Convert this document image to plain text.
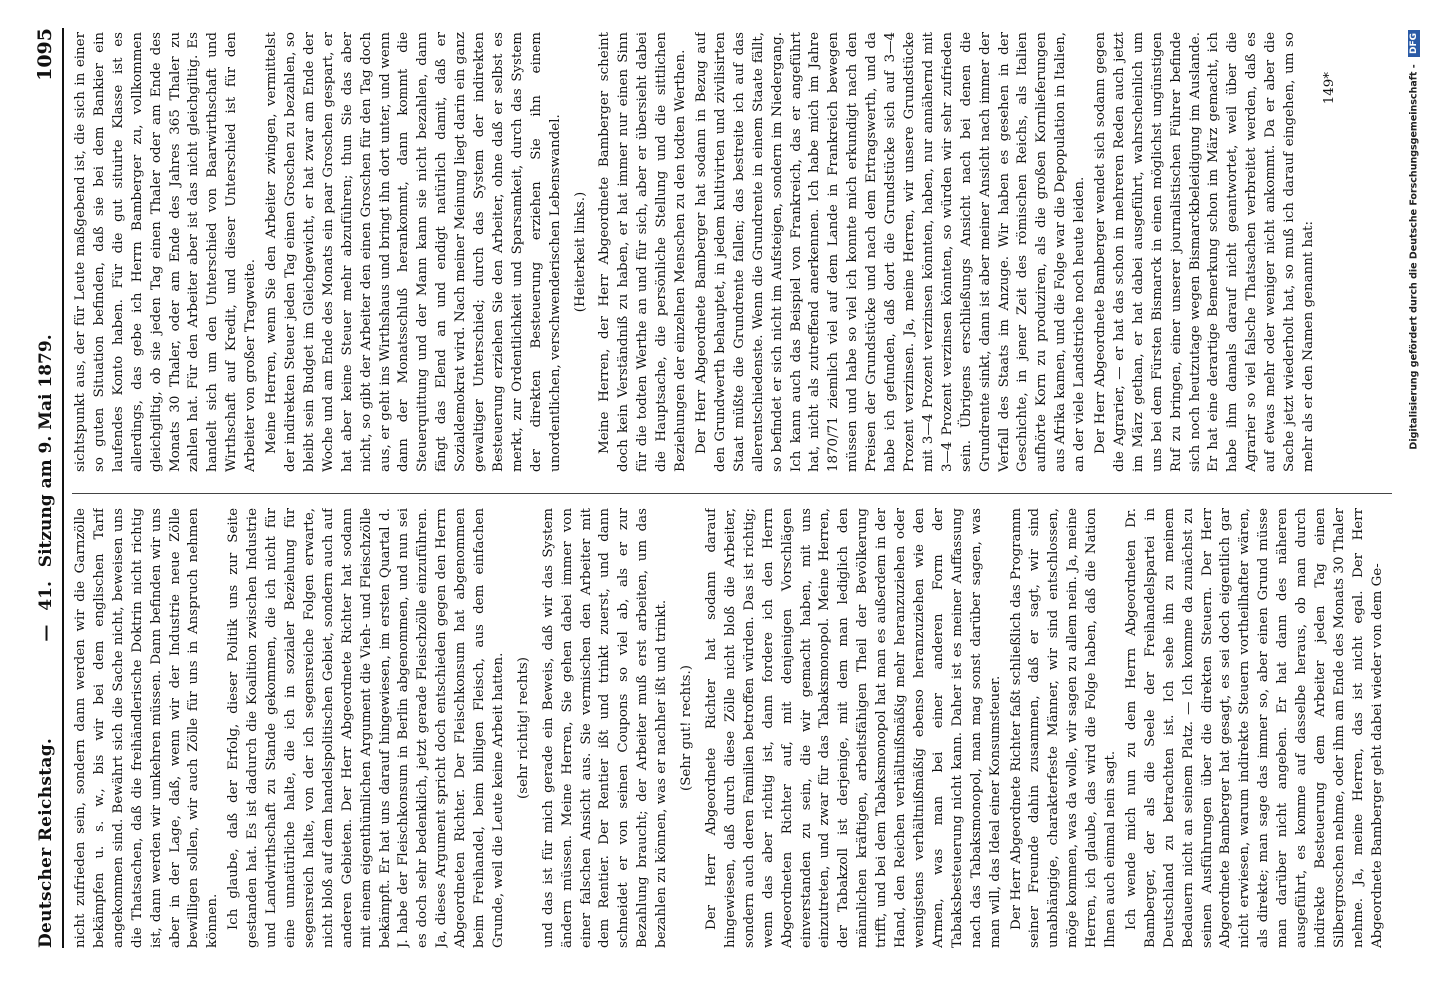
Deutscher Reichstag.
— 41. Sitzung am 9. Mai 1879.
1095

nicht zufrieden sein, sondern dann werden wir die Garnzölle bekämpfen u. s. w., bis wir bei dem englischen Tarif angekommen sind. Bewährt sich die Sache nicht, beweisen uns die Thatsachen, daß die freihändlerische Doktrin nicht richtig ist, dann werden wir umkehren müssen. Dann befinden wir uns aber in der Lage, daß, wenn wir der Industrie neue Zölle bewilligen sollen, wir auch Zölle für uns in Anspruch nehmen können. Ich glaube, daß der Erfolg, dieser Politik uns zur Seite gestanden hat. Es ist dadurch die Koalition zwischen Industrie und Landwirthschaft zu Stande gekommen, die ich nicht für eine unnatürliche halte, die ich in sozialer Beziehung für segensreich halte, von der ich segensreiche Folgen erwarte, nicht bloß auf dem handelspolitischen Gebiet, sondern auch auf anderen Gebieten. Der Herr Abgeordnete Richter hat sodann mit einem eigenthümlichen Argument die Vieh- und Fleischzölle bekämpft. Er hat uns darauf hingewiesen, im ersten Quartal d. J. habe der Fleischkonsum in Berlin abgenommen, und nun sei es doch sehr bedenklich, jetzt gerade Fleischzölle einzuführen. Ja, dieses Argument spricht doch entschieden gegen den Herrn Abgeordneten Richter. Der Fleischkonsum hat abgenommen beim Freihandel, beim billigen Fleisch, aus dem einfachen Grunde, weil die Leute keine Arbeit hatten. (sehr richtig! rechts) und das ist für mich gerade ein Beweis, daß wir das System ändern müssen. Meine Herren, Sie gehen dabei immer von einer falschen Ansicht aus. Sie vermischen den Arbeiter mit dem Rentier. Der Rentier ißt und trinkt zuerst, und dann schneidet er von seinen Coupons so viel ab, als er zur Bezahlung braucht; der Arbeiter muß erst arbeiten, um das bezahlen zu können, was er nachher ißt und trinkt. (Sehr gut! rechts.) Der Herr Abgeordnete Richter hat sodann darauf hingewiesen, daß durch diese Zölle nicht bloß die Arbeiter, sondern auch deren Familien betroffen würden. Das ist richtig; wenn das aber richtig ist, dann fordere ich den Herrn Abgeordneten Richter auf, mit denjenigen Vorschlägen einverstanden zu sein, die wir gemacht haben, mit uns einzutreten, und zwar für das Tabaksmonopol. Meine Herren, der Tabakzoll ist derjenige, mit dem man lediglich den männlichen kräftigen, arbeitsfähigen Theil der Bevölkerung trifft, und bei dem Tabaksmonopol hat man es außerdem in der Hand, den Reichen verhältnißmäßig mehr heranzuziehen oder wenigstens verhältnißmäßig ebenso heranzuziehen wie den Armen, was man bei einer anderen Form der Tabaksbesteuerung nicht kann. Daher ist es meiner Auffassung nach das Tabaksmonopol, man mag sonst darüber sagen, was man will, das Ideal einer Konsumsteuer. Der Herr Abgeordnete Richter faßt schließlich das Programm seiner Freunde dahin zusammen, daß er sagt, wir sind unabhängige, charakterfeste Männer, wir sind entschlossen, möge kommen, was da wolle, wir sagen zu allem nein. Ja, meine Herren, ich glaube, das wird die Folge haben, daß die Nation Ihnen auch einmal nein sagt. Ich wende mich nun zu dem Herrn Abgeordneten Dr. Bamberger, der als die Seele der Freihandelspartei in Deutschland zu betrachten ist. Ich sehe ihn zu meinem Bedauern nicht an seinem Platz. — Ich komme da zunächst zu seinen Ausführungen über die direkten Steuern. Der Herr Abgeordnete Bamberger hat gesagt, es sei doch eigentlich gar nicht erwiesen, warum indirekte Steuern vortheilhafter wären, als direkte; man sage das immer so, aber einen Grund müsse man darüber nicht angeben. Er hat dann des näheren ausgeführt, es komme auf dasselbe heraus, ob man durch indirekte Besteuerung dem Arbeiter jeden Tag einen Silbergroschen nehme, oder ihm am Ende des Monats 30 Thaler nehme. Ja, meine Herren, das ist nicht egal. Der Herr Abgeordnete Bamberger geht dabei wieder von dem Ge-

sichtspunkt aus, der für Leute maßgebend ist, die sich in einer so guten Situation befinden, daß sie bei dem Bankier ein laufendes Konto haben. Für die gut situirte Klasse ist es allerdings, das gebe ich Herrn Bamberger zu, vollkommen gleichgiltig, ob sie jeden Tag einen Thaler oder am Ende des Monats 30 Thaler, oder am Ende des Jahres 365 Thaler zu zahlen hat. Für den Arbeiter aber ist das nicht gleichgiltig. Es handelt sich um den Unterschied von Baarwirthschaft und Wirthschaft auf Kredit, und dieser Unterschied ist für den Arbeiter von großer Tragweite. Meine Herren, wenn Sie den Arbeiter zwingen, vermittelst der indirekten Steuer jeden Tag einen Groschen zu bezahlen, so bleibt sein Budget im Gleichgewicht, er hat zwar am Ende der Woche und am Ende des Monats ein paar Groschen gespart, er hat aber keine Steuer mehr abzuführen; thun Sie das aber nicht, so gibt der Arbeiter den einen Groschen für den Tag doch aus, er geht ins Wirthshaus und bringt ihn dort unter, und wenn dann der Monatsschluß herankommt, dann kommt die Steuerquittung und der Mann kann sie nicht bezahlen, dann fängt das Elend an und endigt natürlich damit, daß er Sozialdemokrat wird. Nach meiner Meinung liegt darin ein ganz gewaltiger Unterschied; durch das System der indirekten Besteuerung erziehen Sie den Arbeiter, ohne daß er selbst es merkt, zur Ordentlichkeit und Sparsamkeit, durch das System der direkten Besteuerung erziehen Sie ihn einem unordentlichen, verschwenderischen Lebenswandel. (Heiterkeit links.) Meine Herren, der Herr Abgeordnete Bamberger scheint doch kein Verständniß zu haben, er hat immer nur einen Sinn für die todten Werthe an und für sich, aber er übersieht dabei die Hauptsache, die persönliche Stellung und die sittlichen Beziehungen der einzelnen Menschen zu den todten Werthen. Der Herr Abgeordnete Bamberger hat sodann in Bezug auf den Grundwerth behauptet, in jedem kultivirten und zivilisirten Staat müßte die Grundrente fallen; das bestreite ich auf das allerentschiedenste. Wenn die Grundrente in einem Staate fällt, so befindet er sich nicht im Aufsteigen, sondern im Niedergang. Ich kann auch das Beispiel von Frankreich, das er angeführt hat, nicht als zutreffend anerkennen. Ich habe mich im Jahre 1870/71 ziemlich viel auf dem Lande in Frankreich bewegen müssen und habe so viel ich konnte mich erkundigt nach den Preisen der Grundstücke und nach dem Ertragswerth, und da habe ich gefunden, daß dort die Grundstücke sich auf 3—4 Prozent verzinsen. Ja, meine Herren, wir unsere Grundstücke mit 3—4 Prozent verzinsen könnten, haben, nur annähernd mit 3—4 Prozent verzinsen könnten, so würden wir sehr zufrieden sein. Übrigens erschließungs Ansicht nach bei denen die Grundrente sinkt, dann ist aber meiner Ansicht nach immer der Verfall des Staats im Anzuge. Wir haben es gesehen in der Geschichte, in jener Zeit des römischen Reichs, als Italien aufhörte Korn zu produziren, als die großen Kornlieferungen aus Afrika kamen, und die Folge war die Depopulation in Italien, an der viele Landstriche noch heute leiden. Der Herr Abgeordnete Bamberger wendet sich sodann gegen die Agrarier, — er hat das schon in mehreren Reden auch jetzt im März gethan, er hat dabei ausgeführt, wahrscheinlich um uns bei dem Fürsten Bismarck in einen möglichst ungünstigen Ruf zu bringen, einer unserer journalistischen Führer befinde sich noch heutzutage wegen Bismarckbeleidigung im Auslande. Er hat eine derartige Bemerkung schon im März gemacht, ich habe ihm damals darauf nicht geantwortet, weil über die Agrarier so viel falsche Thatsachen verbreitet werden, daß es auf etwas mehr oder weniger nicht ankommt. Da er aber die Sache jetzt wiederholt hat, so muß ich darauf eingehen, um so mehr als er den Namen genannt hat:

149*	Digitalisierung gefördert durch die Deutsche Forschungsgemeinschaft - DFG
